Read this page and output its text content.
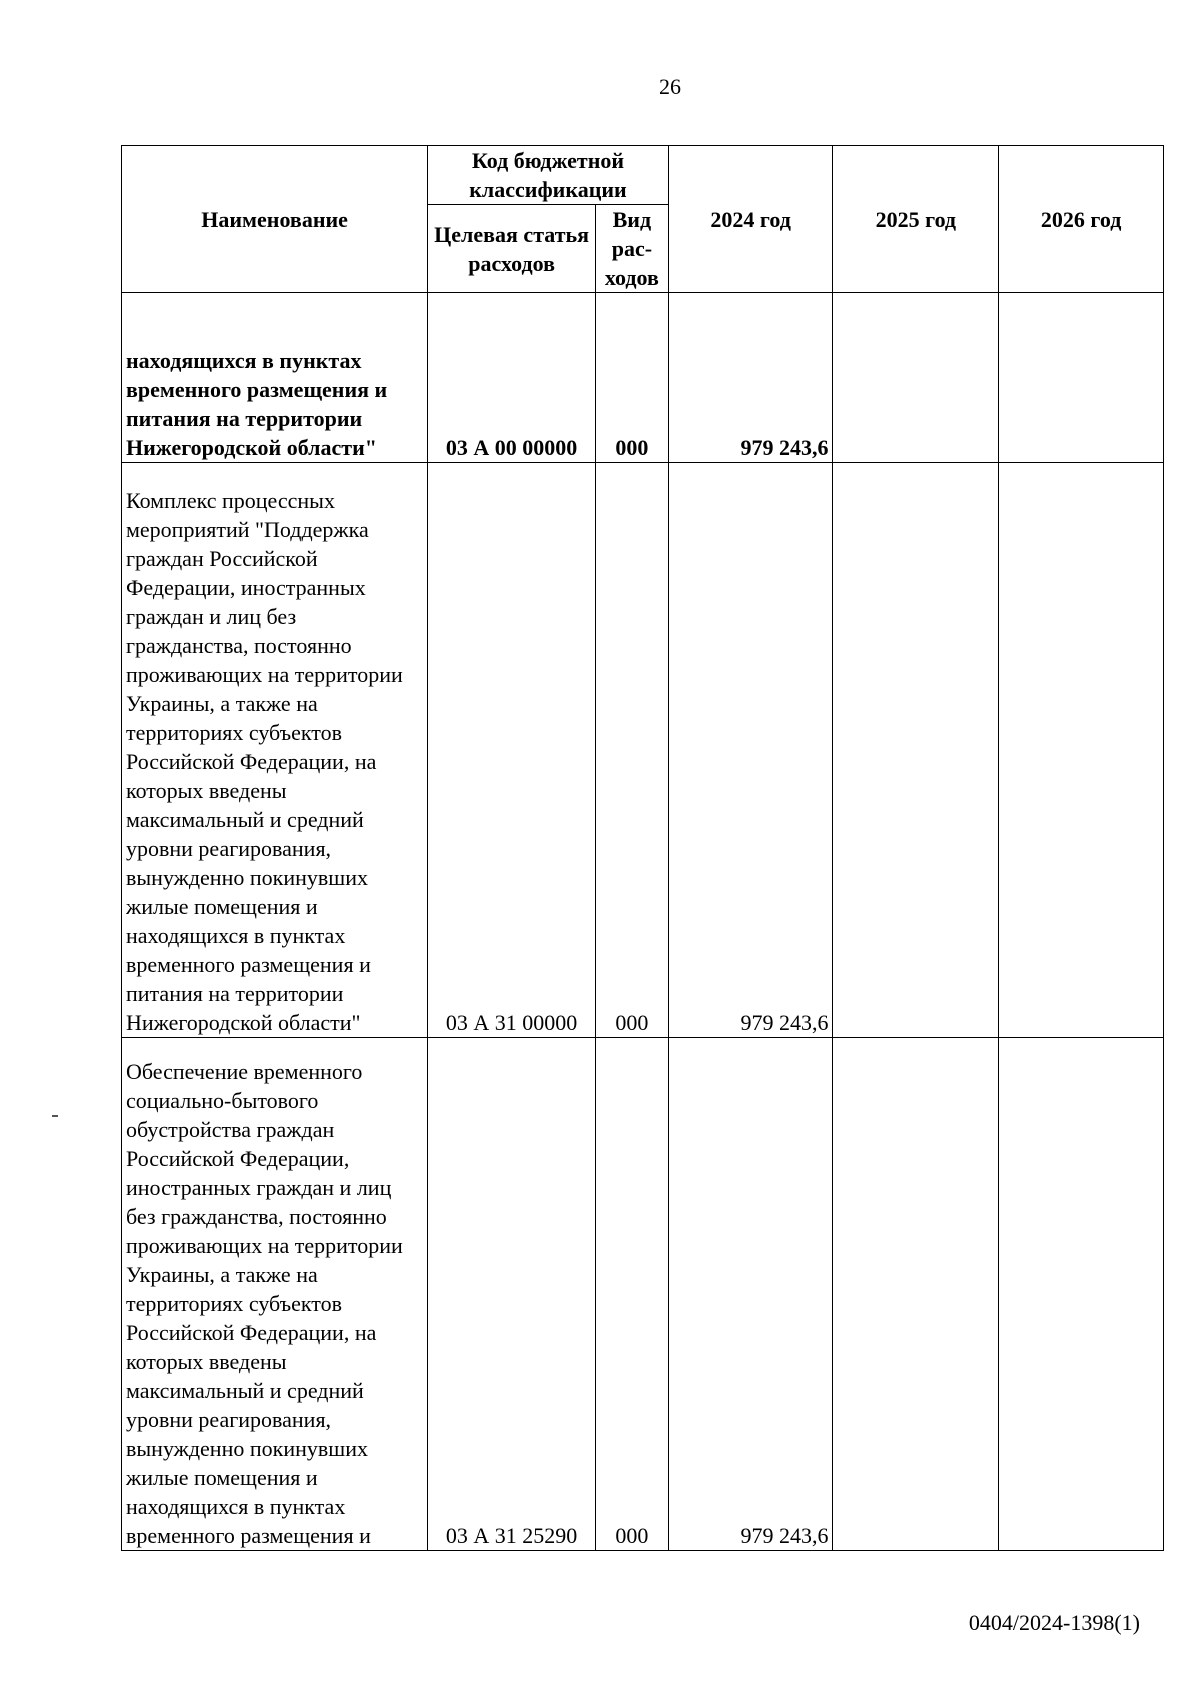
26
Наименование	Код бюджетной классификации		2024 год	2025 год	2026 год
	Целевая статья расходов	Вид рас-ходов			
находящихся в пунктах временного размещения и питания на территории Нижегородской области"	03 А 00 00000	000	979 243,6		
Комплекс процессных мероприятий "Поддержка граждан Российской Федерации, иностранных граждан и лиц без гражданства, постоянно проживающих на территории Украины, а также на территориях субъектов Российской Федерации, на которых введены максимальный и средний уровни реагирования, вынужденно покинувших жилые помещения и находящихся в пунктах временного размещения и питания на территории Нижегородской области"	03 А 31 00000	000	979 243,6		
Обеспечение временного социально-бытового обустройства граждан Российской Федерации, иностранных граждан и лиц без гражданства, постоянно проживающих на территории Украины, а также на территориях субъектов Российской Федерации, на которых введены максимальный и средний уровни реагирования, вынужденно покинувших жилые помещения и находящихся в пунктах временного размещения и	03 А 31 25290	000	979 243,6		
0404/2024-1398(1)
